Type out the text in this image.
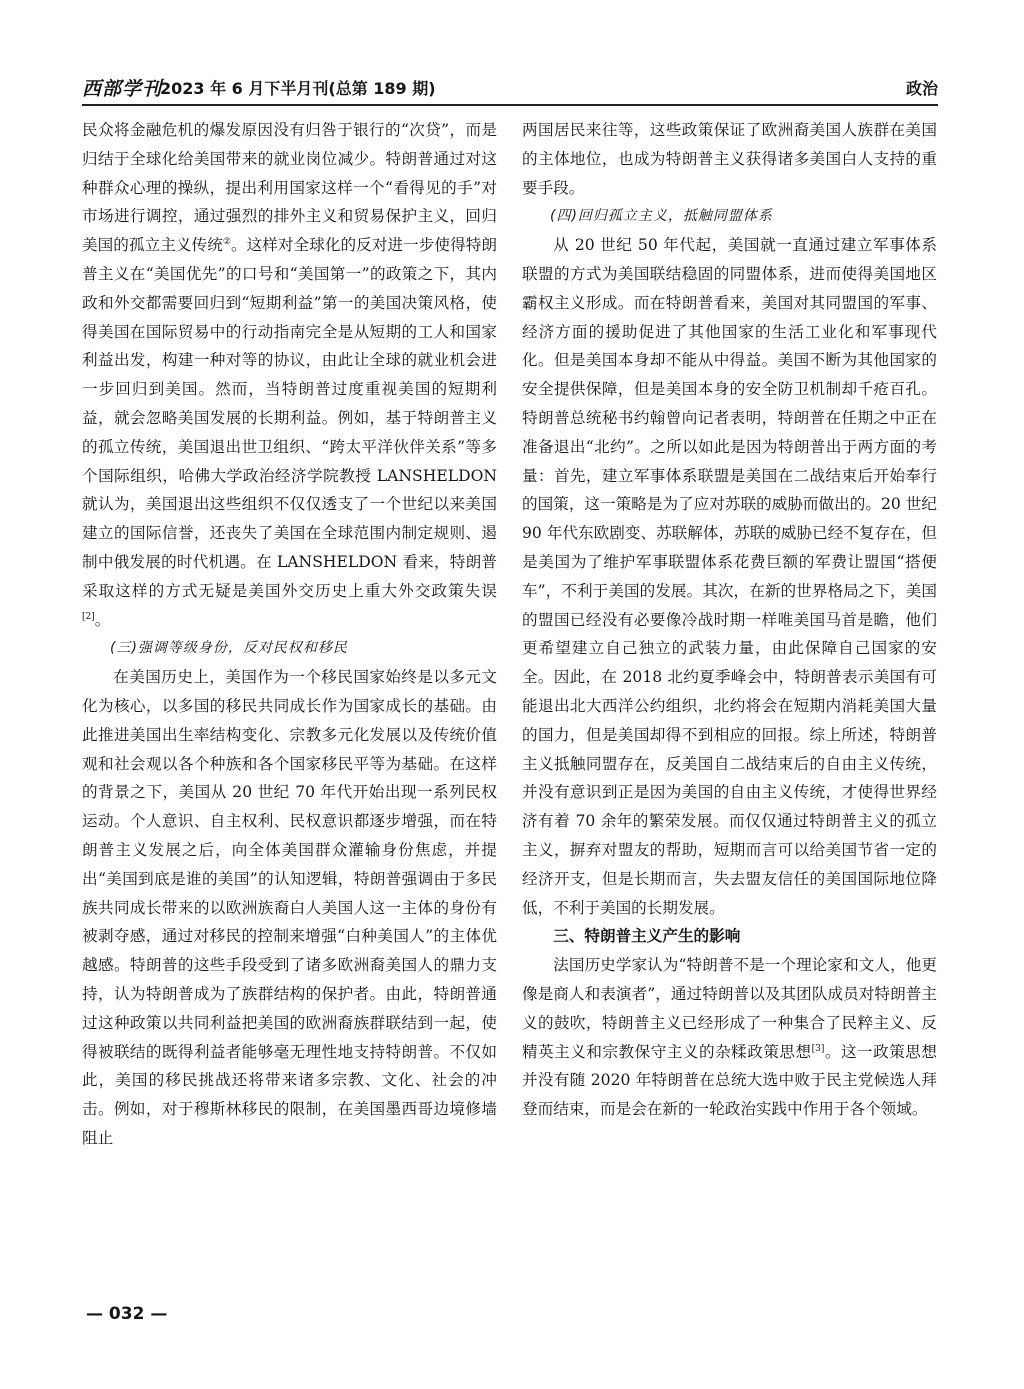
西部学刊
2023 年 6 月下半月刊(总第 189 期)	政治

民众将金融危机的爆发原因没有归咎于银行的“次贷”，而是归结于全球化给美国带来的就业岗位减少。特朗普通过对这种群众心理的操纵，提出利用国家这样一个“看得见的手”对市场进行调控，通过强烈的排外主义和贸易保护主义，回归美国的孤立主义传统②。这样对全球化的反对进一步使得特朗普主义在“美国优先”的口号和“美国第一”的政策之下，其内政和外交都需要回归到“短期利益”第一的美国决策风格，使得美国在国际贸易中的行动指南完全是从短期的工人和国家利益出发，构建一种对等的协议，由此让全球的就业机会进一步回归到美国。然而，当特朗普过度重视美国的短期利益，就会忽略美国发展的长期利益。例如，基于特朗普主义的孤立传统，美国退出世卫组织、“跨太平洋伙伴关系”等多个国际组织，哈佛大学政治经济学院教授 LANSHELDON 就认为，美国退出这些组织不仅仅透支了一个世纪以来美国建立的国际信誉，还丧失了美国在全球范围内制定规则、遏制中俄发展的时代机遇。在 LANSHELDON 看来，特朗普采取这样的方式无疑是美国外交历史上重大外交政策失误[2]。

(三)强调等级身份，反对民权和移民

在美国历史上，美国作为一个移民国家始终是以多元文化为核心，以多国的移民共同成长作为国家成长的基础。由此推进美国出生率结构变化、宗教多元化发展以及传统价值观和社会观以各个种族和各个国家移民平等为基础。在这样的背景之下，美国从 20 世纪 70 年代开始出现一系列民权运动。个人意识、自主权利、民权意识都逐步增强，而在特朗普主义发展之后，向全体美国群众灌输身份焦虑，并提出“美国到底是谁的美国”的认知逻辑，特朗普强调由于多民族共同成长带来的以欧洲族裔白人美国人这一主体的身份有被剥夺感，通过对移民的控制来增强“白种美国人”的主体优越感。特朗普的这些手段受到了诸多欧洲裔美国人的鼎力支持，认为特朗普成为了族群结构的保护者。由此，特朗普通过这种政策以共同利益把美国的欧洲裔族群联结到一起，使得被联结的既得利益者能够毫无理性地支持特朗普。不仅如此，美国的移民挑战还将带来诸多宗教、文化、社会的冲击。例如，对于穆斯林移民的限制，在美国墨西哥边境修墙阻止

两国居民来往等，这些政策保证了欧洲裔美国人族群在美国的主体地位，也成为特朗普主义获得诸多美国白人支持的重要手段。

(四)回归孤立主义，抵触同盟体系

从 20 世纪 50 年代起，美国就一直通过建立军事体系联盟的方式为美国联结稳固的同盟体系，进而使得美国地区霸权主义形成。而在特朗普看来，美国对其同盟国的军事、经济方面的援助促进了其他国家的生活工业化和军事现代化。但是美国本身却不能从中得益。美国不断为其他国家的安全提供保障，但是美国本身的安全防卫机制却千疮百孔。特朗普总统秘书约翰曾向记者表明，特朗普在任期之中正在准备退出“北约”。之所以如此是因为特朗普出于两方面的考量：首先，建立军事体系联盟是美国在二战结束后开始奉行的国策，这一策略是为了应对苏联的威胁而做出的。20 世纪 90 年代东欧剧变、苏联解体，苏联的威胁已经不复存在，但是美国为了维护军事联盟体系花费巨额的军费让盟国“搭便车”，不利于美国的发展。其次，在新的世界格局之下，美国的盟国已经没有必要像冷战时期一样唯美国马首是瞻，他们更希望建立自己独立的武装力量，由此保障自己国家的安全。因此，在 2018 北约夏季峰会中，特朗普表示美国有可能退出北大西洋公约组织，北约将会在短期内消耗美国大量的国力，但是美国却得不到相应的回报。综上所述，特朗普主义抵触同盟存在，反美国自二战结束后的自由主义传统，并没有意识到正是因为美国的自由主义传统，才使得世界经济有着 70 余年的繁荣发展。而仅仅通过特朗普主义的孤立主义，摒弃对盟友的帮助，短期而言可以给美国节省一定的经济开支，但是长期而言，失去盟友信任的美国国际地位降低，不利于美国的长期发展。

三、特朗普主义产生的影响

法国历史学家认为“特朗普不是一个理论家和文人，他更像是商人和表演者”，通过特朗普以及其团队成员对特朗普主义的鼓吹，特朗普主义已经形成了一种集合了民粹主义、反精英主义和宗教保守主义的杂糅政策思想[3]。这一政策思想并没有随 2020 年特朗普在总统大选中败于民主党候选人拜登而结束，而是会在新的一轮政治实践中作用于各个领域。

— 032 —
